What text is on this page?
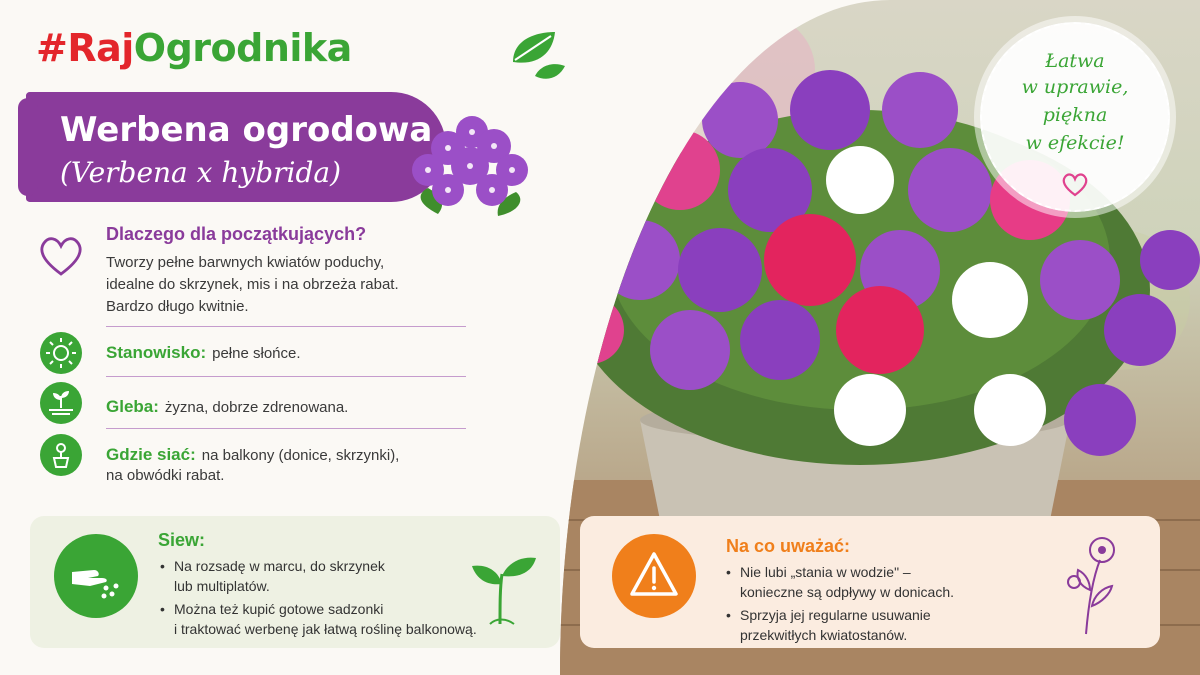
Łatwa
w uprawie,
piękna
w efekcie!
#RajOgrodnika
Werbena ogrodowa
(Verbena x hybrida)
Dlaczego dla początkujących?
Tworzy pełne barwnych kwiatów poduchy,
idealne do skrzynek, mis i na obrzeża rabat.
Bardzo długo kwitnie.
Stanowisko: pełne słońce.
Gleba: żyzna, dobrze zdrenowana.
Gdzie siać: na balkony (donice, skrzynki),
na obwódki rabat.
Siew:
• Na rozsadę w marcu, do skrzynek
lub multiplatów.
• Można też kupić gotowe sadzonki
i traktować werbenę jak łatwą roślinę balkonową.
Na co uważać:
• Nie lubi „stania w wodzie" –
konieczne są odpływy w donicach.
• Sprzyja jej regularne usuwanie
przekwitłych kwiatostanów.
